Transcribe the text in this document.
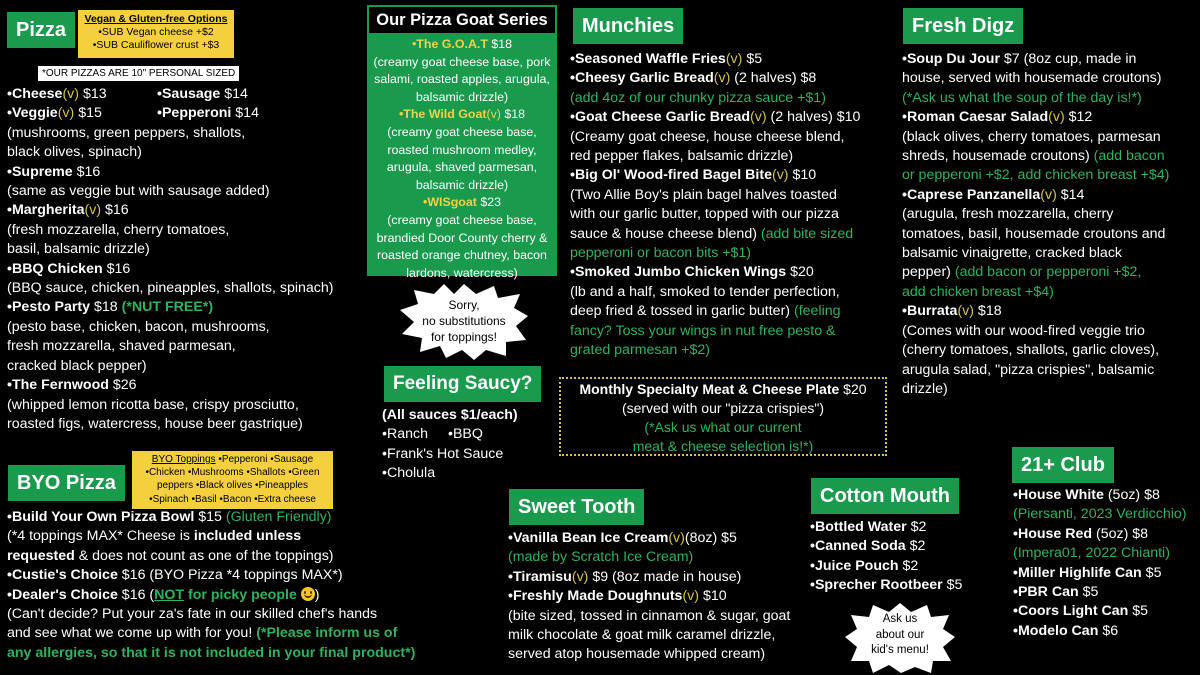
Pizza	Vegan & Gluten-free Options
•SUB Vegan cheese +$2
•SUB Cauliflower crust +$3
*OUR PIZZAS ARE 10" PERSONAL SIZED

•Cheese(v) $13	•Sausage $14

•Veggie(v) $15	•Pepperoni $14

(mushrooms, green peppers, shallots,

black olives, spinach)

•Supreme $16

(same as veggie but with sausage added)

•Margherita(v) $16

(fresh mozzarella, cherry tomatoes,

basil, balsamic drizzle)

•BBQ Chicken $16

(BBQ sauce, chicken, pineapples, shallots, spinach)

•Pesto Party $18 (*NUT FREE*)

(pesto base, chicken, bacon, mushrooms,

fresh mozzarella, shaved parmesan,

cracked black pepper)

•The Fernwood $26

(whipped lemon ricotta base, crispy prosciutto,

roasted figs, watercress, house beer gastrique)

BYO Pizza
BYO Toppings •Pepperoni •Sausage
•Chicken •Mushrooms •Shallots •Green
peppers •Black olives •Pineapples
•Spinach •Basil •Bacon •Extra cheese

•Build Your Own Pizza Bowl $15 (Gluten Friendly)

(*4 toppings MAX* Cheese is included unless

requested & does not count as one of the toppings)

•Custie's Choice $16 (BYO Pizza *4 toppings MAX*)

•Dealer's Choice $16 (NOT for picky people )

(Can't decide? Put your za's fate in our skilled chef's hands

and see what we come up with for you! (*Please inform us of

any allergies, so that it is not included in your final product*)

Our Pizza Goat Series
•The G.O.A.T $18
(creamy goat cheese base, pork
salami, roasted apples, arugula,
balsamic drizzle)
•The Wild Goat(v) $18
(creamy goat cheese base,
roasted mushroom medley,
arugula, shaved parmesan,
balsamic drizzle)
•WISgoat $23
(creamy goat cheese base,
brandied Door County cherry &
roasted orange chutney, bacon
lardons, watercress)
Sorry,
no substitutions
for toppings!
Feeling Saucy?

(All sauces $1/each)

•Ranch •BBQ

•Frank's Hot Sauce

•Cholula

Munchies

•Seasoned Waffle Fries(v) $5

•Cheesy Garlic Bread(v) (2 halves) $8

(add 4oz of our chunky pizza sauce +$1)

•Goat Cheese Garlic Bread(v) (2 halves) $10

(Creamy goat cheese, house cheese blend,

red pepper flakes, balsamic drizzle)

•Big Ol' Wood-fired Bagel Bite(v) $10

(Two Allie Boy's plain bagel halves toasted

with our garlic butter, topped with our pizza

sauce & house cheese blend) (add bite sized

pepperoni or bacon bits +$1)

•Smoked Jumbo Chicken Wings $20

(lb and a half, smoked to tender perfection,

deep fried & tossed in garlic butter) (feeling

fancy? Toss your wings in nut free pesto &

grated parmesan +$2)

Monthly Specialty Meat & Cheese Plate $20
(served with our "pizza crispies")
(*Ask us what our current
meat & cheese selection is!*)
Sweet Tooth

•Vanilla Bean Ice Cream(v)(8oz) $5

(made by Scratch Ice Cream)

•Tiramisu(v) $9 (8oz made in house)

•Freshly Made Doughnuts(v) $10

(bite sized, tossed in cinnamon & sugar, goat

milk chocolate & goat milk caramel drizzle,

served atop housemade whipped cream)

Cotton Mouth

•Bottled Water $2

•Canned Soda $2

•Juice Pouch $2

•Sprecher Rootbeer $5

Ask us
about our
kid's menu!
Fresh Digz

•Soup Du Jour $7 (8oz cup, made in

house, served with housemade croutons)

(*Ask us what the soup of the day is!*)

•Roman Caesar Salad(v) $12

(black olives, cherry tomatoes, parmesan

shreds, housemade croutons) (add bacon

or pepperoni +$2, add chicken breast +$4)

•Caprese Panzanella(v) $14

(arugula, fresh mozzarella, cherry

tomatoes, basil, housemade croutons and

balsamic vinaigrette, cracked black

pepper) (add bacon or pepperoni +$2,

add chicken breast +$4)

•Burrata(v) $18

(Comes with our wood-fired veggie trio

(cherry tomatoes, shallots, garlic cloves),

arugula salad, "pizza crispies", balsamic

drizzle)

21+ Club

•House White (5oz) $8

(Piersanti, 2023 Verdicchio)

•House Red (5oz) $8

(Impera01, 2022 Chianti)

•Miller Highlife Can $5

•PBR Can $5

•Coors Light Can $5

•Modelo Can $6
